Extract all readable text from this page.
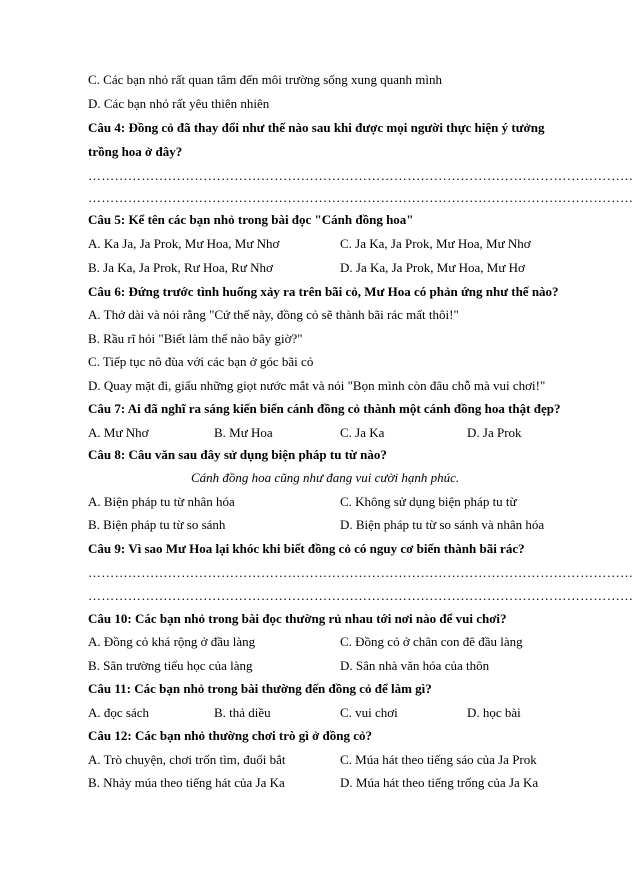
C. Các bạn nhỏ rất quan tâm đến môi trường sống xung quanh mình
D. Các bạn nhỏ rất yêu thiên nhiên
Câu 4: Đồng cỏ đã thay đổi như thế nào sau khi được mọi người thực hiện ý tưởng
trồng hoa ở đây?
……………………………………………………………………………………………………………
……………………………………………………………………………………………………………
Câu 5: Kể tên các bạn nhỏ trong bài đọc "Cánh đồng hoa"
A. Ka Ja, Ja Prok, Mư Hoa, Mư Nhơ	C. Ja Ka, Ja Prok, Mư Hoa, Mư Nhơ
B. Ja Ka, Ja Prok, Rư Hoa, Rư Nhơ	D. Ja Ka, Ja Prok, Mư Hoa, Mư Hơ
Câu 6: Đứng trước tình huống xảy ra trên bãi cỏ, Mư Hoa có phản ứng như thế nào?
A. Thở dài và nói rằng "Cứ thế này, đồng cỏ sẽ thành bãi rác mất thôi!"
B. Rầu rĩ hỏi "Biết làm thế nào bây giờ?"
C. Tiếp tục nô đùa với các bạn ở góc bãi cỏ
D. Quay mặt đi, giấu những giọt nước mắt và nói "Bọn mình còn đâu chỗ mà vui chơi!"
Câu 7: Ai đã nghĩ ra sáng kiến biến cánh đồng cỏ thành một cánh đồng hoa thật đẹp?
A. Mư Nhơ	B. Mư Hoa	C. Ja Ka	D. Ja Prok
Câu 8: Câu văn sau đây sử dụng biện pháp tu từ nào?
Cánh đồng hoa cũng như đang vui cười hạnh phúc.
A. Biện pháp tu từ nhân hóa	C. Không sử dụng biện pháp tu từ
B. Biện pháp tu từ so sánh	D. Biện pháp tu từ so sánh và nhân hóa
Câu 9: Vì sao Mư Hoa lại khóc khi biết đồng cỏ có nguy cơ biến thành bãi rác?
……………………………………………………………………………………………………………
……………………………………………………………………………………………………………
Câu 10: Các bạn nhỏ trong bài đọc thường rủ nhau tới nơi nào để vui chơi?
A. Đồng cỏ khá rộng ở đầu làng	C. Đồng cỏ ở chân con đê đầu làng
B. Sân trường tiểu học của làng	D. Sân nhà văn hóa của thôn
Câu 11: Các bạn nhỏ trong bài thường đến đồng cỏ để làm gì?
A. đọc sách	B. thả diều	C. vui chơi	D. học bài
Câu 12: Các bạn nhỏ thường chơi trò gì ở đồng cỏ?
A. Trò chuyện, chơi trốn tìm, đuổi bắt	C. Múa hát theo tiếng sáo của Ja Prok
B. Nhảy múa theo tiếng hát của Ja Ka	D. Múa hát theo tiếng trống của Ja Ka
